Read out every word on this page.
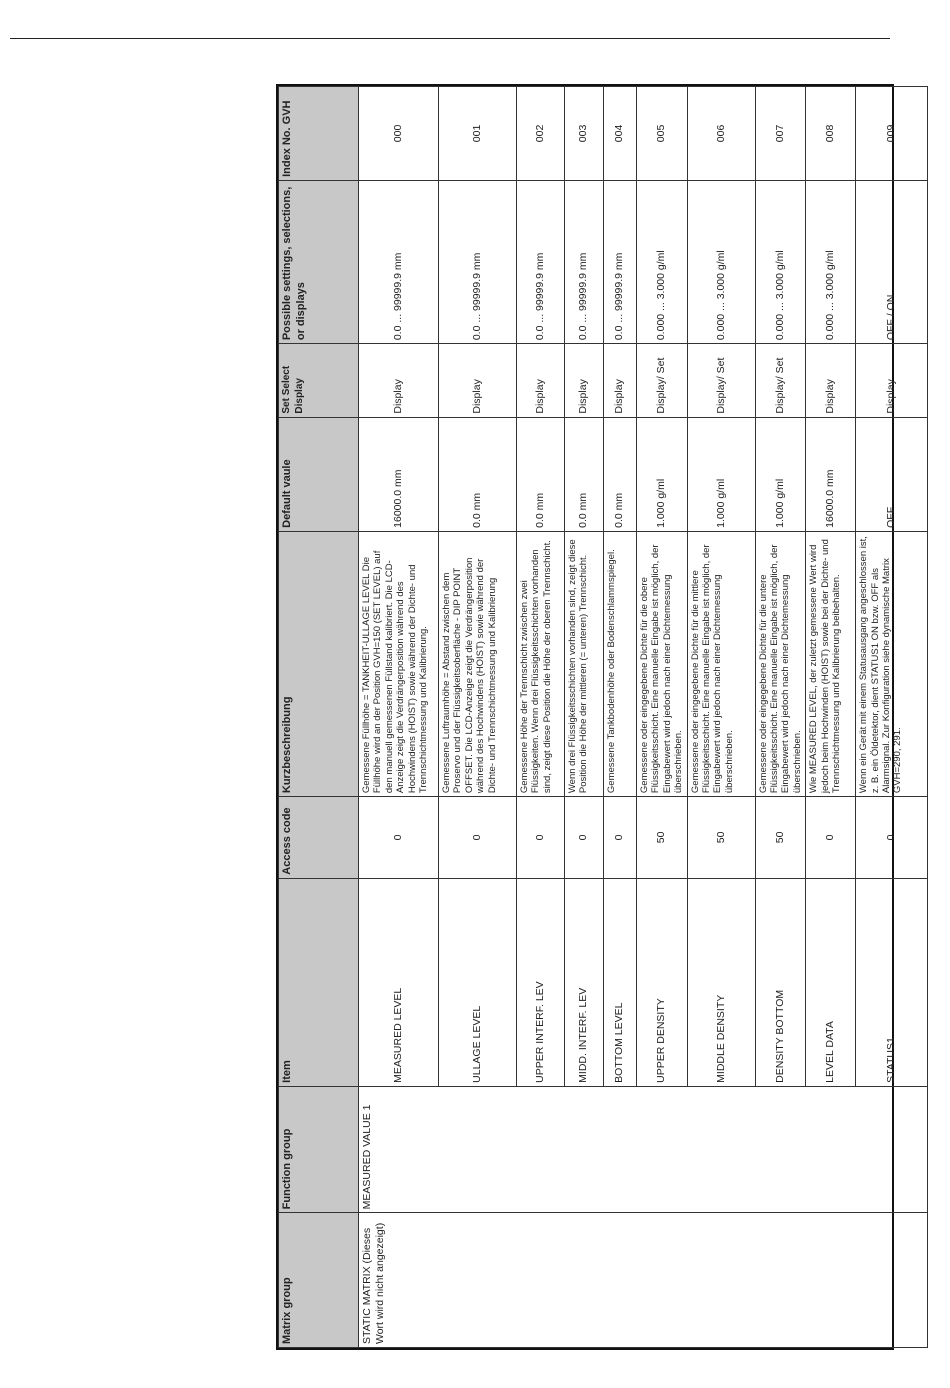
Matrix group	Function group	Item	Access code	Kurzbeschreibung	Default vaule	Set Select Display	Possible settings, selections, or displays	Index No. GVH
STATIC MATRIX (Dieses Wort wird nicht angezeigt)	MEASURED VALUE 1	MEASURED LEVEL	0	Gemessene Füllhöhe = TANKHEIT-ULLAGE LEVEL Die Füllhöhe wird an der Position GVH=150 (SET LEVEL) auf den manuell gemessenen Füllstand kalibriert. Die LCD-Anzeige zeigt die Verdrängerposition während des Hochwindens (HOIST) sowie während der Dichte- und Trennschichtmessung und Kalibrierung.	16000.0 mm	Display	0.0 ... 99999.9 mm	000
		ULLAGE LEVEL	0	Gemessene Luftraumhöhe = Abstand zwischen dem Proservo und der Flüssigkeitsoberfläche - DIP POINT OFFSET. Die LCD-Anzeige zeigt die Verdrängerposition während des Hochwindens (HOIST) sowie während der Dichte- und Trennschichtmessung und Kalibrierung	0.0 mm	Display	0.0 ... 99999.9 mm	001
		UPPER INTERF. LEV	0	Gemessene Höhe der Trennschicht zwischen zwei Flüssigkeiten. Wenn drei Flüssigkeitsschichten vorhanden sind, zeigt diese Position die Höhe der oberen Trennschicht.	0.0 mm	Display	0.0 ... 99999.9 mm	002
		MIDD. INTERF. LEV	0	Wenn drei Flüssigkeitsschichten vorhanden sind, zeigt diese Position die Höhe der mittleren (= unteren) Trennschicht.	0.0 mm	Display	0.0 ... 99999.9 mm	003
		BOTTOM LEVEL	0	Gemessene Tankbodenhöhe oder Bodenschlammspiegel.	0.0 mm	Display	0.0 ... 99999.9 mm	004
		UPPER DENSITY	50	Gemessene oder eingegebene Dichte für die obere Flüssigkeitsschicht. Eine manuelle Eingabe ist möglich, der Eingabewert wird jedoch nach einer Dichtemessung überschrieben.	1.000 g/ml	Display/ Set	0.000 ... 3.000 g/ml	005
		MIDDLE DENSITY	50	Gemessene oder eingegebene Dichte für die mittlere Flüssigkeitsschicht. Eine manuelle Eingabe ist möglich, der Eingabewert wird jedoch nach einer Dichtemessung überschrieben.	1.000 g/ml	Display/ Set	0.000 ... 3.000 g/ml	006
		DENSITY BOTTOM	50	Gemessene oder eingegebene Dichte für die untere Flüssigkeitsschicht. Eine manuelle Eingabe ist möglich, der Eingabewert wird jedoch nach einer Dichtemessung überschrieben.	1.000 g/ml	Display/ Set	0.000 ... 3.000 g/ml	007
		LEVEL DATA	0	Wie MEASURED LEVEL, der zuletzt gemessene Wert wird jedoch beim Hochwinden (HOIST) sowie bei der Dichte- und Trennschichtmessung und Kalibrierung beibehalten.	16000.0 mm	Display	0.000 ... 3.000 g/ml	008
		STATUS1	0	Wenn ein Gerät mit einem Statusausgang angeschlossen ist, z. B. ein Öldetektor, dient STATUS1 ON bzw. OFF als Alarmsignal. Zur Konfiguration siehe dynamische Matrix GVH=290, 291.	OFF	Display	OFF / ON	009
